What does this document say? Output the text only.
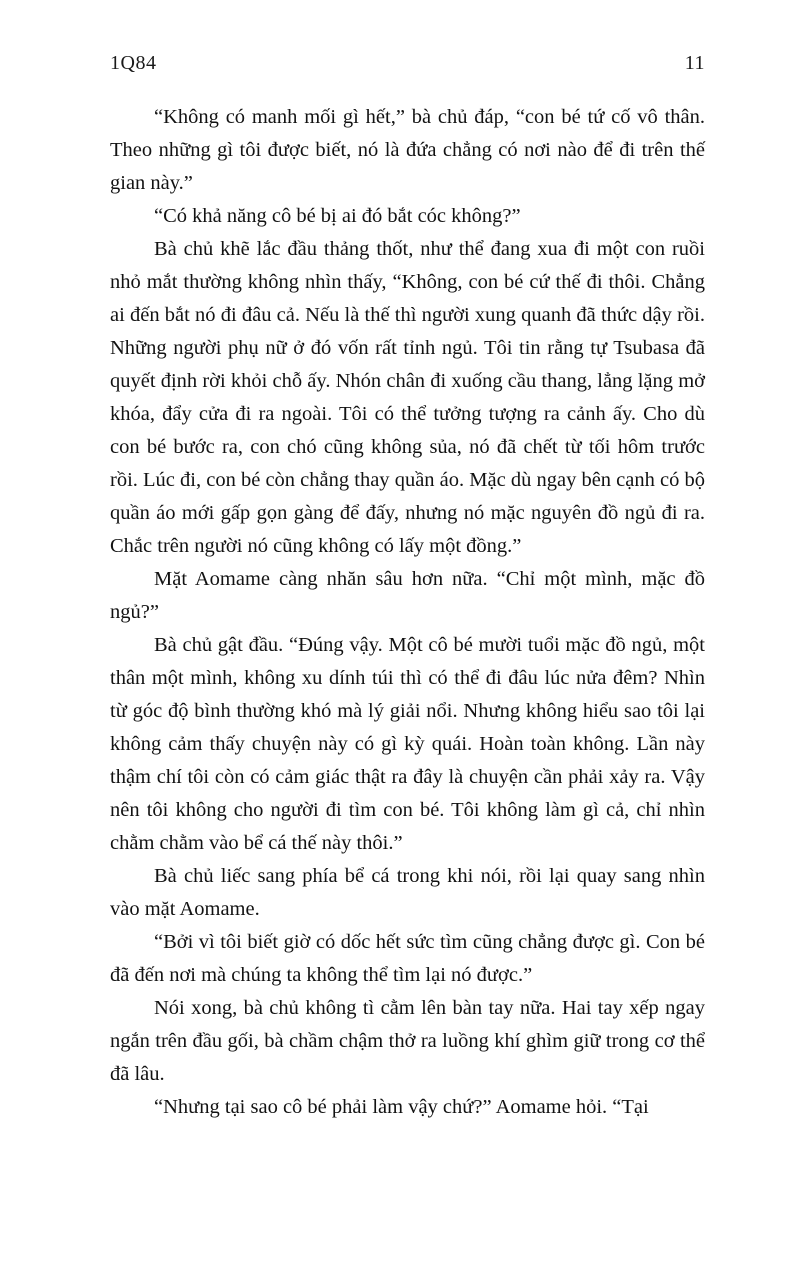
1Q84	11

“Không có manh mối gì hết,” bà chủ đáp, “con bé tứ cố vô thân. Theo những gì tôi được biết, nó là đứa chẳng có nơi nào để đi trên thế gian này.”

“Có khả năng cô bé bị ai đó bắt cóc không?”

Bà chủ khẽ lắc đầu thảng thốt, như thể đang xua đi một con ruồi nhỏ mắt thường không nhìn thấy, “Không, con bé cứ thế đi thôi. Chẳng ai đến bắt nó đi đâu cả. Nếu là thế thì người xung quanh đã thức dậy rồi. Những người phụ nữ ở đó vốn rất tỉnh ngủ. Tôi tin rằng tự Tsubasa đã quyết định rời khỏi chỗ ấy. Nhón chân đi xuống cầu thang, lẳng lặng mở khóa, đẩy cửa đi ra ngoài. Tôi có thể tưởng tượng ra cảnh ấy. Cho dù con bé bước ra, con chó cũng không sủa, nó đã chết từ tối hôm trước rồi. Lúc đi, con bé còn chẳng thay quần áo. Mặc dù ngay bên cạnh có bộ quần áo mới gấp gọn gàng để đấy, nhưng nó mặc nguyên đồ ngủ đi ra. Chắc trên người nó cũng không có lấy một đồng.”

Mặt Aomame càng nhăn sâu hơn nữa. “Chỉ một mình, mặc đồ ngủ?”

Bà chủ gật đầu. “Đúng vậy. Một cô bé mười tuổi mặc đồ ngủ, một thân một mình, không xu dính túi thì có thể đi đâu lúc nửa đêm? Nhìn từ góc độ bình thường khó mà lý giải nổi. Nhưng không hiểu sao tôi lại không cảm thấy chuyện này có gì kỳ quái. Hoàn toàn không. Lần này thậm chí tôi còn có cảm giác thật ra đây là chuyện cần phải xảy ra. Vậy nên tôi không cho người đi tìm con bé. Tôi không làm gì cả, chỉ nhìn chằm chằm vào bể cá thế này thôi.”

Bà chủ liếc sang phía bể cá trong khi nói, rồi lại quay sang nhìn vào mặt Aomame.

“Bởi vì tôi biết giờ có dốc hết sức tìm cũng chẳng được gì. Con bé đã đến nơi mà chúng ta không thể tìm lại nó được.”

Nói xong, bà chủ không tì cằm lên bàn tay nữa. Hai tay xếp ngay ngắn trên đầu gối, bà chầm chậm thở ra luồng khí ghìm giữ trong cơ thể đã lâu.

“Nhưng tại sao cô bé phải làm vậy chứ?” Aomame hỏi. “Tại
